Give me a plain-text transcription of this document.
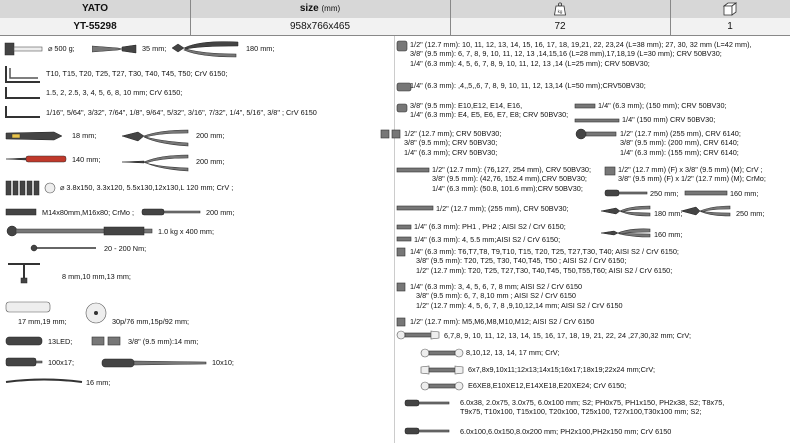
YATO	size (mm)	kg
YT-55298	958x766x465	72	1
⌀ 500 g;	35 mm;	180 mm;
T10, T15, T20, T25, T27, T30, T40, T45, T50; CrV 6150;
1.5, 2, 2.5, 3, 4, 5, 6, 8, 10 mm; CrV 6150;
1/16", 5/64", 3/32", 7/64", 1/8", 9/64", 5/32", 3/16", 7/32", 1/4", 5/16", 3/8" ; CrV 6150
18 mm;	200 mm;
140 mm;	200 mm;
⌀ 3.8x150, 3.3x120, 5.5x130,12x130,L 120 mm; CrV ;
M14x80mm,M16x80; CrMo ;	200 mm;
1.0 kg x 400 mm;
20 - 200 Nm;
8 mm,10 mm,13 mm;
17 mm,19 mm;	30p/76 mm,15p/92 mm;
13LED;	3/8" (9.5 mm):14 mm;
100x17;	10x10;
16 mm;
1/2" (12.7 mm): 10, 11, 12, 13, 14, 15, 16, 17, 18, 19,21, 22, 23,24 (L=38 mm); 27, 30, 32 mm (L=42 mm),
3/8" (9.5 mm): 6, 7, 8, 9, 10, 11, 12, 13 ,14,15,16 (L=28 mm),17,18,19 (L=30 mm); CRV 50BV30;
1/4" (6.3 mm): 4, 5, 6, 7, 8, 9, 10, 11, 12, 13 ,14 (L=25 mm); CRV 50BV30;
1/4" (6.3 mm): ,4,,5,,6, 7, 8, 9, 10, 11, 12, 13,14 (L=50 mm);CRV50BV30;
3/8" (9.5 mm): E10,E12, E14, E16,
1/4" (6.3 mm): E4, E5, E6, E7, E8; CRV 50BV30;
1/4" (6.3 mm); (150 mm); CRV 50BV30;
1/4" (150 mm) CRV 50BV30;
1/2" (12.7 mm); CRV 50BV30;
3/8" (9.5 mm); CRV 50BV30;
1/4" (6.3 mm); CRV 50BV30;
1/2" (12.7 mm) (255 mm), CRV 6140;
3/8" (9.5 mm): (200 mm), CRV 6140;
1/4" (6.3 mm): (155 mm); CRV 6140;
1/2" (12.7 mm): (76,127, 254 mm), CRV 50BV30;
3/8" (9.5 mm): (42,76, 152.4 mm),CRV 50BV30;
1/4" (6.3 mm): (50.8, 101.6 mm);CRV 50BV30;
1/2" (12.7 mm) (F) x 3/8" (9.5 mm) (M); CrV ;
3/8" (9.5 mm) (F) x 1/2" (12.7 mm) (M); CrMo;
250 mm;	160 mm;
1/2" (12.7 mm); (255 mm), CRV 50BV30;
180 mm;	250 mm;
1/4" (6.3 mm): PH1 , PH2 ; AISI S2 / CrV 6150;
1/4" (6.3 mm): 4, 5.5 mm;AISI S2 / CrV 6150;
160 mm;
1/4" (6.3 mm): T6,T7,T8, T9,T10, T15, T20, T25, T27,T30, T40; AISI S2 / CrV 6150;
3/8" (9.5 mm): T20, T25, T30, T40,T45, T50 ; AISI S2 / CrV 6150;
1/2" (12.7 mm): T20, T25, T27,T30, T40,T45, T50,T55,T60; AISI S2 / CrV 6150;
1/4" (6.3 mm): 3, 4, 5, 6, 7, 8 mm; AISI S2 / CrV 6150
3/8" (9.5 mm): 6, 7, 8,10 mm ; AISI S2 / CrV 6150
1/2" (12.7 mm): 4, 5, 6, 7, 8 ,9,10,12,14 mm; AISI S2 / CrV 6150
1/2" (12.7 mm): M5,M6,M8,M10,M12; AISI S2 / CrV 6150
6,7,8, 9, 10, 11, 12, 13, 14, 15, 16, 17, 18, 19, 21, 22, 24 ,27,30,32 mm; CrV;
8,10,12, 13, 14, 17 mm; CrV;
6x7,8x9,10x11;12x13;14x15;16x17;18x19;22x24 mm;CrV;
E6XE8,E10XE12,E14XE18,E20XE24; CrV 6150;
6.0x38, 2.0x75, 3.0x75, 6.0x100 mm; S2; PH0x75, PH1x150, PH2x38, S2; T8x75,
T9x75, T10x100, T15x100, T20x100, T25x100, T27x100,T30x100 mm; S2;
6.0x100,6.0x150,8.0x200 mm; PH2x100,PH2x150 mm; CrV 6150
